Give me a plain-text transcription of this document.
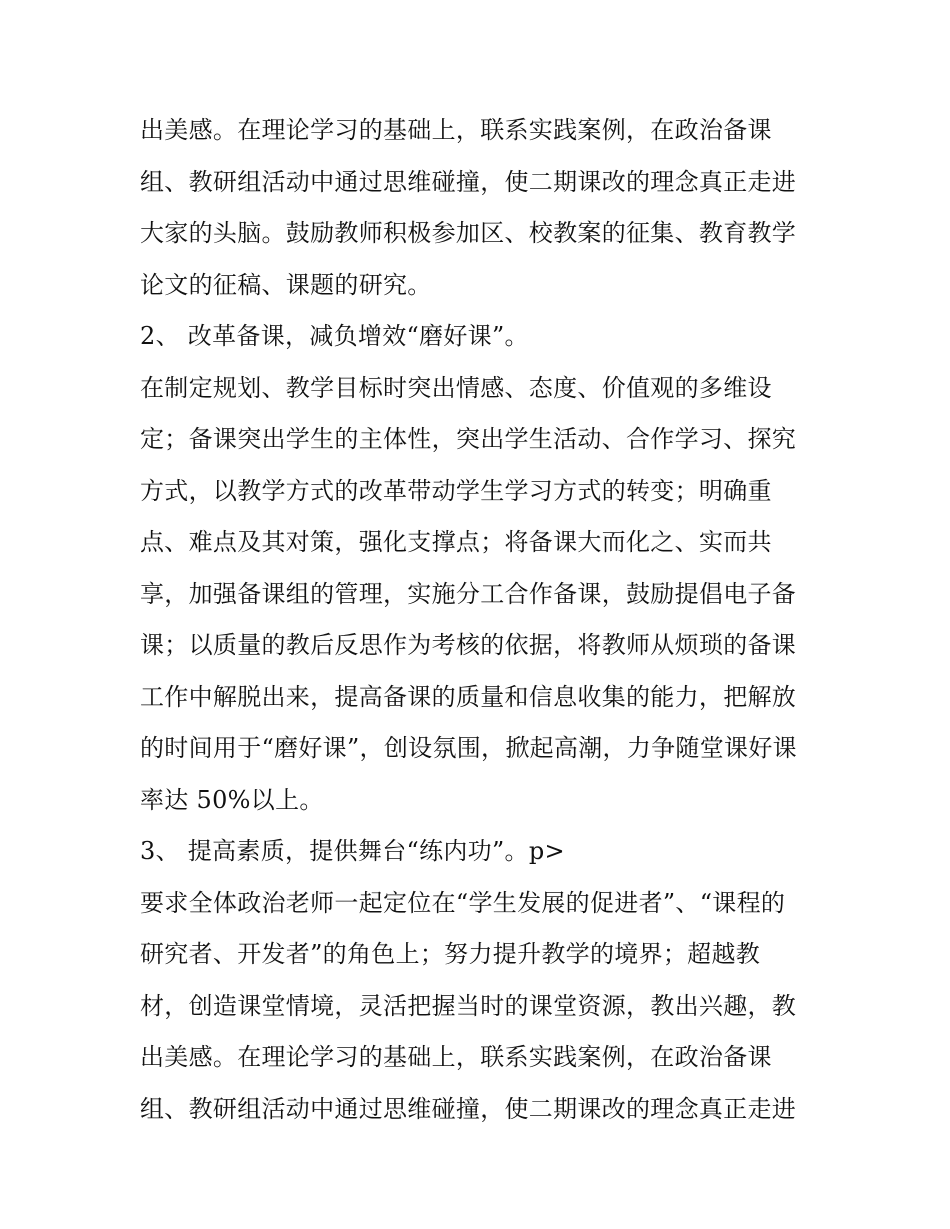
出美感。在理论学习的基础上，联系实践案例，在政治备课
组、教研组活动中通过思维碰撞，使二期课改的理念真正走进
大家的头脑。鼓励教师积极参加区、校教案的征集、教育教学
论文的征稿、课题的研究。
2、 改革备课，减负增效“磨好课”。
在制定规划、教学目标时突出情感、态度、价值观的多维设
定；备课突出学生的主体性，突出学生活动、合作学习、探究
方式，以教学方式的改革带动学生学习方式的转变；明确重
点、难点及其对策，强化支撑点；将备课大而化之、实而共
享，加强备课组的管理，实施分工合作备课，鼓励提倡电子备
课；以质量的教后反思作为考核的依据，将教师从烦琐的备课
工作中解脱出来，提高备课的质量和信息收集的能力，把解放
的时间用于“磨好课”，创设氛围，掀起高潮，力争随堂课好课
率达 50%以上。
3、 提高素质，提供舞台“练内功”。p>
要求全体政治老师一起定位在“学生发展的促进者”、“课程的
研究者、开发者”的角色上；努力提升教学的境界；超越教
材，创造课堂情境，灵活把握当时的课堂资源，教出兴趣，教
出美感。在理论学习的基础上，联系实践案例，在政治备课
组、教研组活动中通过思维碰撞，使二期课改的理念真正走进
